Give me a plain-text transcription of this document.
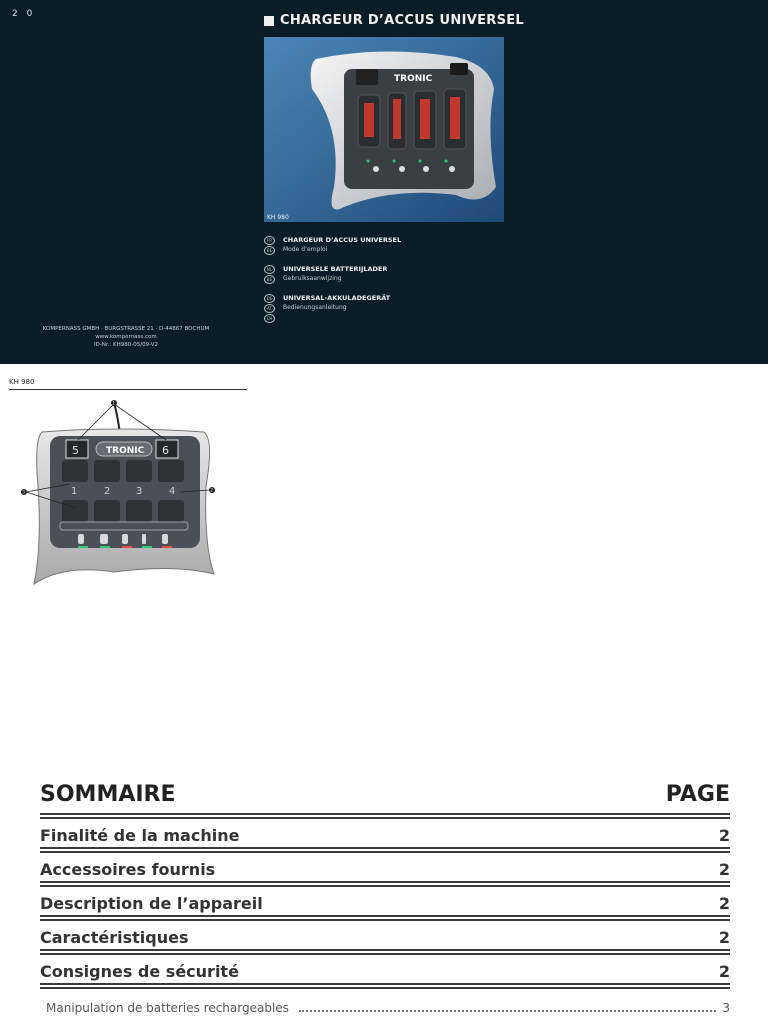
2 0	CHARGEUR D’ACCUS UNIVERSEL
TRONIC
KH 980
FR
BE
CHARGEUR D’ACCUS UNIVERSEL
Mode d’emploi
NL
BE
UNIVERSELE BATTERIJLADER
Gebruiksaanwijzing
DE
AT
CH
UNIVERSAL-AKKULADEGERÄT
Bedienungsanleitung
KOMPERNASS GMBH · BURGSTRASSE 21 · D-44867 BOCHUM
www.kompernass.com
ID-Nr.: KH980-05/09-V2
KH 980
5	6
TRONIC
1	2	3	4
1
2
3
SOMMAIRE	PAGE
Finalité de la machine	2
Accessoires fournis	2
Description de l’appareil	2
Caractéristiques	2
Consignes de sécurité	2
Manipulation de batteries rechargeables	3
